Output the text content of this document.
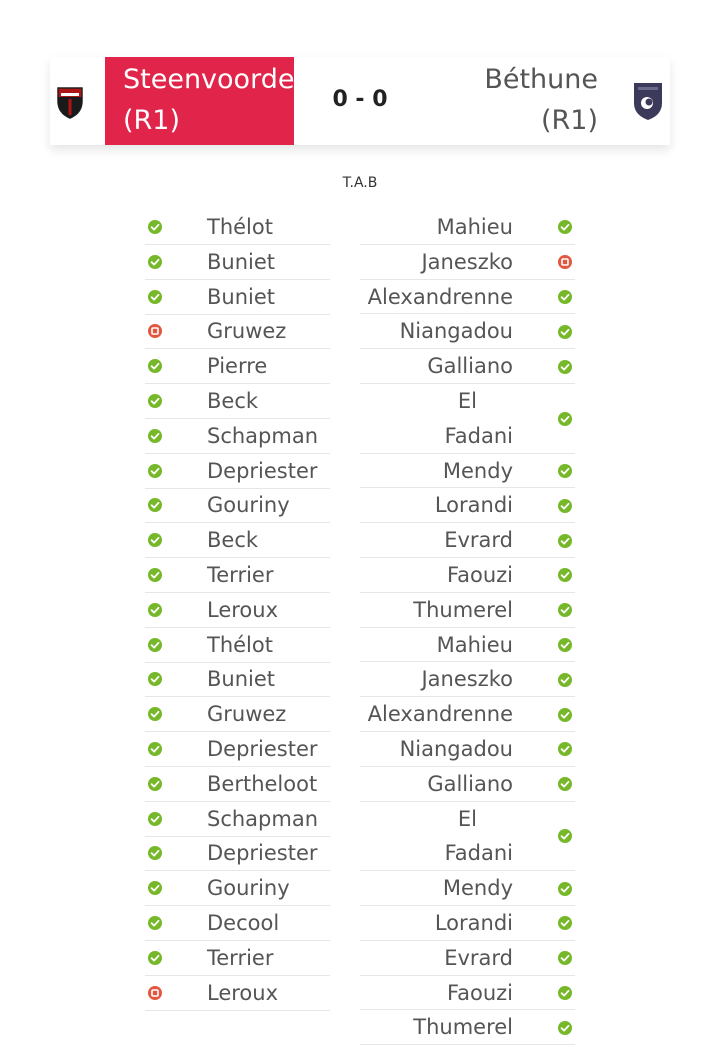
Steenvoorde
(R1)
0 - 0
Béthune
(R1)
T.A.B
Thélot
Buniet
Buniet
Gruwez
Pierre
Beck
Schapman
Depriester
Gouriny
Beck
Terrier
Leroux
Thélot
Buniet
Gruwez
Depriester
Bertheloot
Schapman
Depriester
Gouriny
Decool
Terrier
Leroux
Mahieu
Janeszko
Alexandrenne
Niangadou
Galliano
El
Fadani
Mendy
Lorandi
Evrard
Faouzi
Thumerel
Mahieu
Janeszko
Alexandrenne
Niangadou
Galliano
El
Fadani
Mendy
Lorandi
Evrard
Faouzi
Thumerel
